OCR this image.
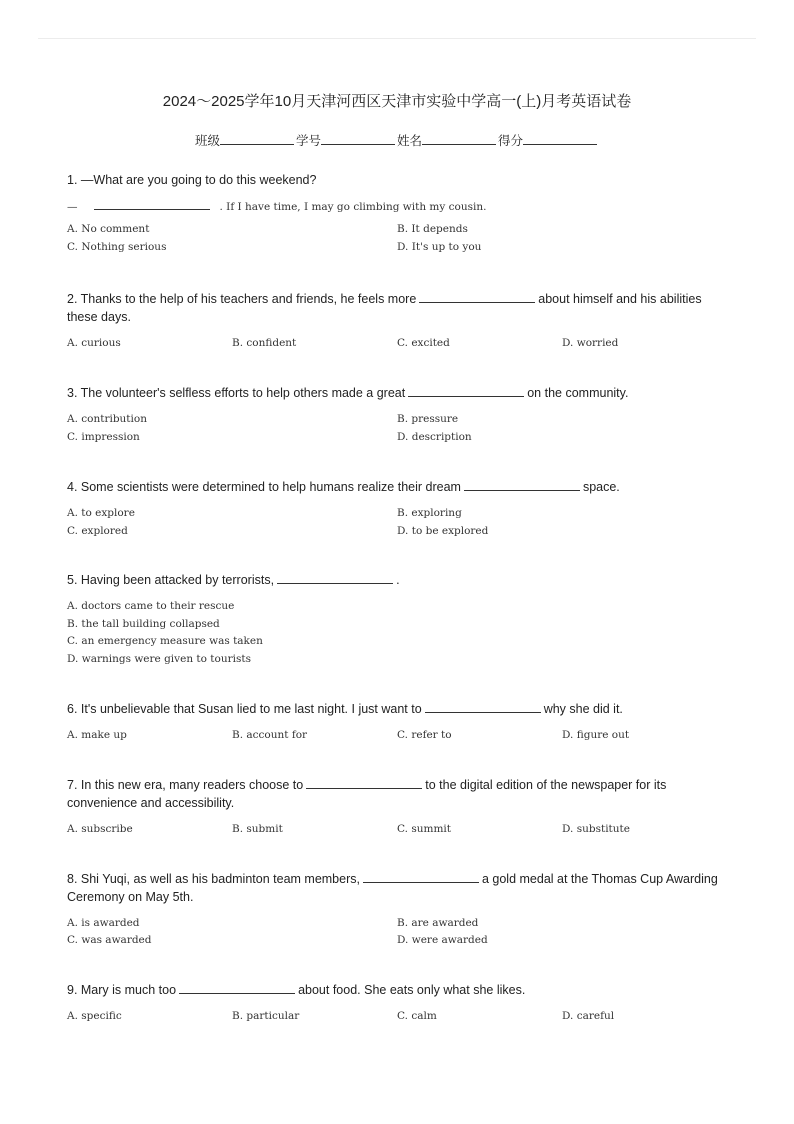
2024～2025学年10月天津河西区天津市实验中学高一(上)月考英语试卷
班级	学号	姓名	得分
1. —What are you going to do this weekend?
—	. If I have time, I may go climbing with my cousin.
A. No comment	B. It depends
C. Nothing serious	D. It's up to you
2. Thanks to the help of his teachers and friends, he feels more	about himself and his abilities these days.
A. curious	B. confident	C. excited	D. worried
3. The volunteer's selfless efforts to help others made a great	on the community.
A. contribution	B. pressure
C. impression	D. description
4. Some scientists were determined to help humans realize their dream	space.
A. to explore	B. exploring
C. explored	D. to be explored
5. Having been attacked by terrorists,	.
A. doctors came to their rescue
B. the tall building collapsed
C. an emergency measure was taken
D. warnings were given to tourists
6. It's unbelievable that Susan lied to me last night. I just want to	why she did it.
A. make up	B. account for	C. refer to	D. figure out
7. In this new era, many readers choose to	to the digital edition of the newspaper for its convenience and accessibility.
A. subscribe	B. submit	C. summit	D. substitute
8. Shi Yuqi, as well as his badminton team members,	a gold medal at the Thomas Cup Awarding Ceremony on May 5th.
A. is awarded	B. are awarded
C. was awarded	D. were awarded
9. Mary is much too	about food. She eats only what she likes.
A. specific	B. particular	C. calm	D. careful
